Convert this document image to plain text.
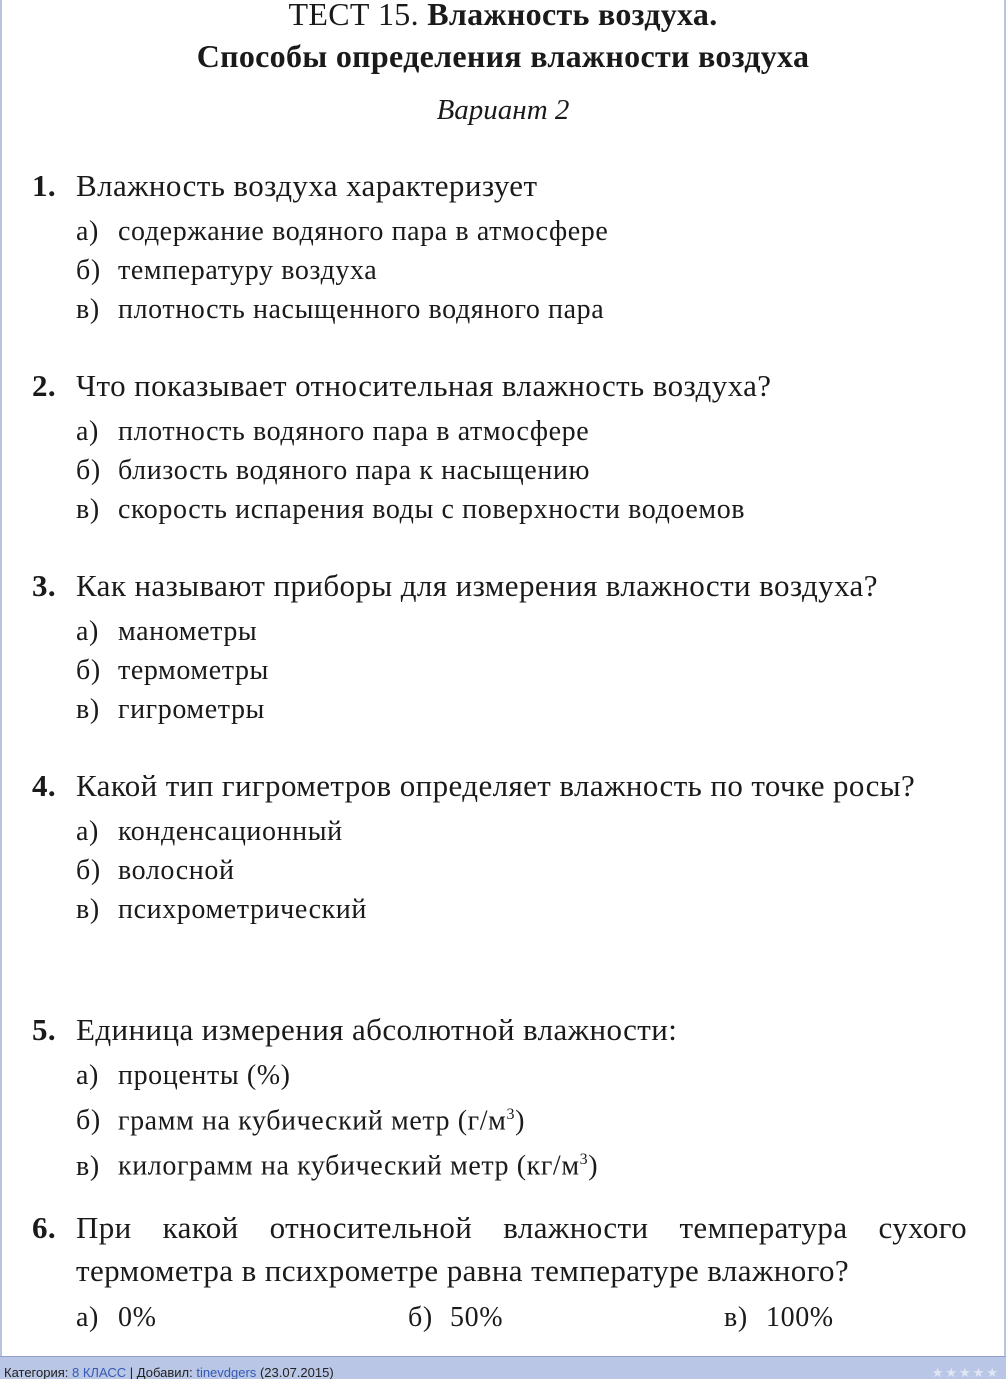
ТЕСТ 15. Влажность воздуха.
Способы определения влажности воздуха
Вариант 2
1. Влажность воздуха характеризует
а) содержание водяного пара в атмосфере
б) температуру воздуха
в) плотность насыщенного водяного пара
2. Что показывает относительная влажность воздуха?
а) плотность водяного пара в атмосфере
б) близость водяного пара к насыщению
в) скорость испарения воды с поверхности водоемов
3. Как называют приборы для измерения влажности воздуха?
а) манометры
б) термометры
в) гигрометры
4. Какой тип гигрометров определяет влажность по точке росы?
а) конденсационный
б) волосной
в) психрометрический
5. Единица измерения абсолютной влажности:
а) проценты (%)
б) грамм на кубический метр $(г/м^3)$
в) килограмм на кубический метр $(кг/м^3)$
6. При какой относительной влажности температура сухого термометра в психрометре равна температуре влажного?
а) 0%	б) 50%	в) 100%
Категория: 8 КЛАСС | Добавил: tinevdgers (23.07.2015)	★★★★★
